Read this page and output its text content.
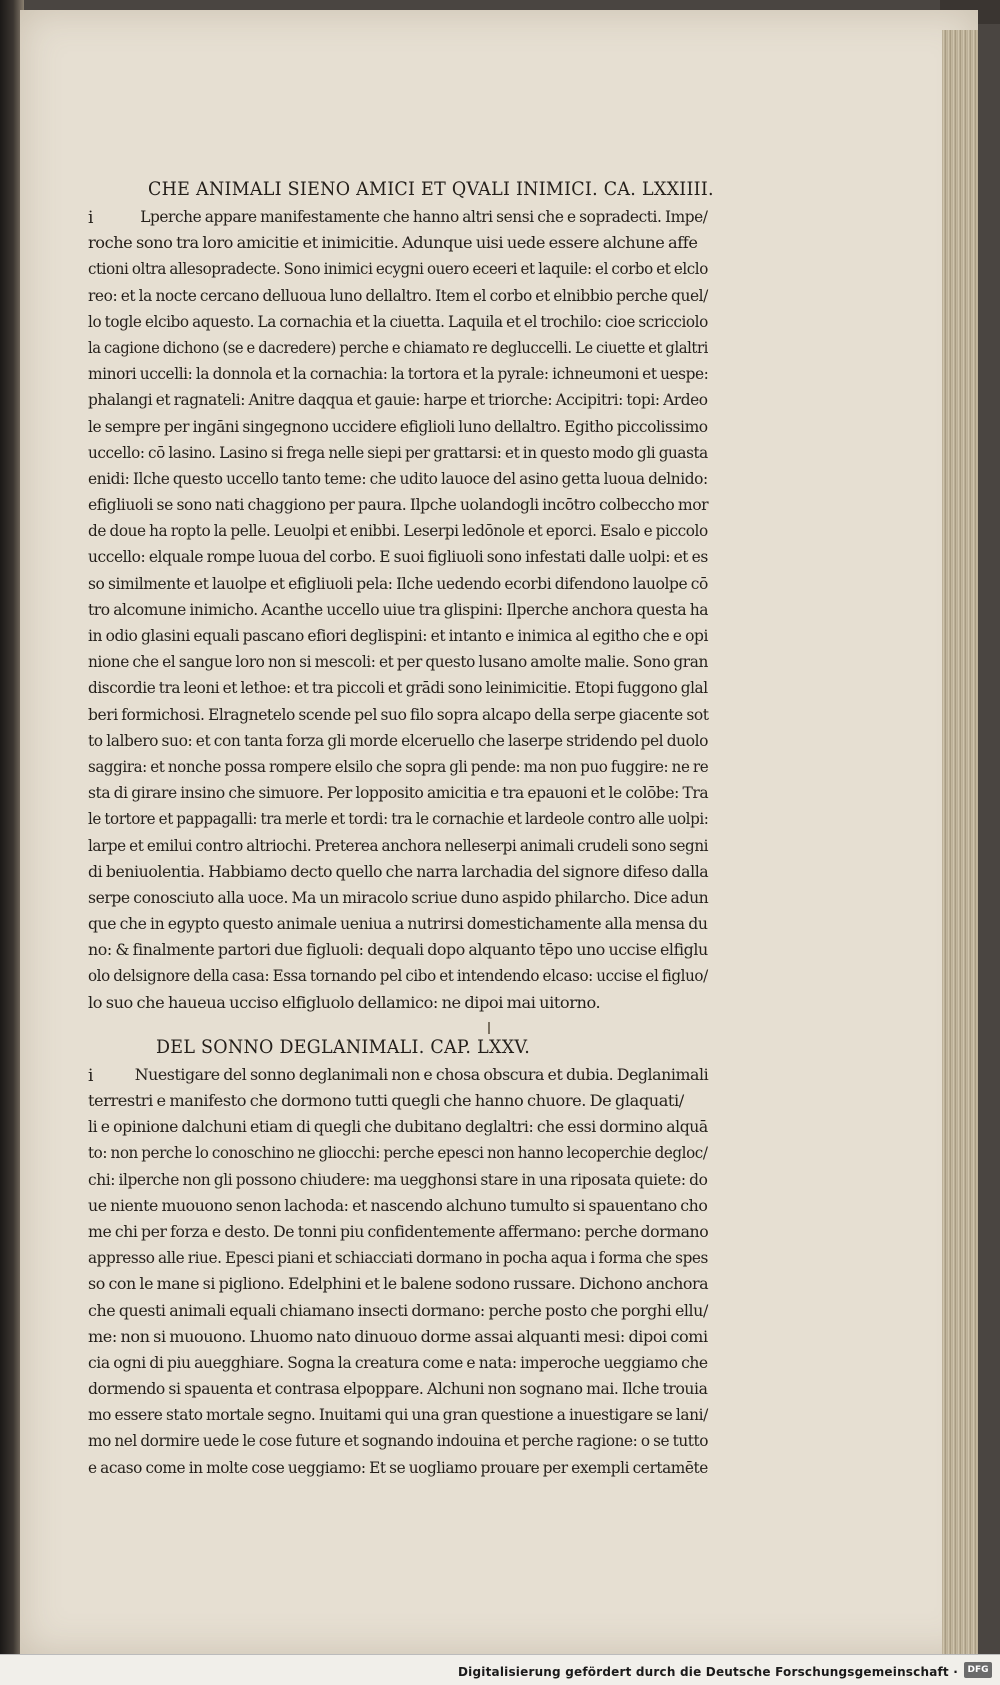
CHE ANIMALI SIENO AMICI ET QVALI INIMICI. CA. LXXIIII.
i	Lperche appare manifestamente che hanno altri sensi che e sopradecti. Impe/
roche sono tra loro amicitie et inimicitie. Adunque uisi uede essere alchune affe
ctioni oltra allesopradecte. Sono inimici ecygni ouero eceeri et laquile: el corbo et elclo
reo: et la nocte cercano delluoua luno dellaltro. Item el corbo et elnibbio perche quel/
lo togle elcibo aquesto. La cornachia et la ciuetta. Laquila et el trochilo: cioe scricciolo
la cagione dichono (se e dacredere) perche e chiamato re degluccelli. Le ciuette et glaltri
minori uccelli: la donnola et la cornachia: la tortora et la pyrale: ichneumoni et uespe:
phalangi et ragnateli: Anitre daqqua et gauie: harpe et triorche: Accipitri: topi: Ardeo
le sempre per ingāni singegnono uccidere efiglioli luno dellaltro. Egitho piccolissimo
uccello: cō lasino. Lasino si frega nelle siepi per grattarsi: et in questo modo gli guasta
enidi: Ilche questo uccello tanto teme: che udito lauoce del asino getta luoua delnido:
efigliuoli se sono nati chaggiono per paura. Ilpche uolandogli incōtro colbeccho mor
de doue ha ropto la pelle. Leuolpi et enibbi. Leserpi ledōnole et eporci. Esalo e piccolo
uccello: elquale rompe luoua del corbo. E suoi figliuoli sono infestati dalle uolpi: et es
so similmente et lauolpe et efigliuoli pela: Ilche uedendo ecorbi difendono lauolpe cō
tro alcomune inimicho. Acanthe uccello uiue tra glispini: Ilperche anchora questa ha
in odio glasini equali pascano efiori deglispini: et intanto e inimica al egitho che e opi
nione che el sangue loro non si mescoli: et per questo lusano amolte malie. Sono gran
discordie tra leoni et lethoe: et tra piccoli et grādi sono leinimicitie. Etopi fuggono glal
beri formichosi. Elragnetelo scende pel suo filo sopra alcapo della serpe giacente sot
to lalbero suo: et con tanta forza gli morde elceruello che laserpe stridendo pel duolo
saggira: et nonche possa rompere elsilo che sopra gli pende: ma non puo fuggire: ne re
sta di girare insino che simuore. Per loppositο amicitia e tra epauoni et le colōbe: Tra
le tortore et pappagalli: tra merle et tordi: tra le cornachie et lardeole contro alle uolpi:
larpe et emilui contro altriochi. Preterea anchora nelleserpi animali crudeli sono segni
di beniuolentia. Habbiamo decto quello che narra larchadia del signore difeso dalla
serpe conosciuto alla uoce. Ma un miracolo scriue duno aspido philarcho. Dice adun
que che in egypto questo animale ueniua a nutrirsi domestichamente alla mensa du
no: & finalmente partori due figluoli: dequali dopo alquanto tēpo uno uccise elfiglu
olo delsignore della casa: Essa tornando pel cibo et intendendo elcaso: uccise el figluo/
lo suo che haueua uccisο elfigluolo dellamico: ne dipoi mai uitorno.
DEL SONNO DEGLANIMALI. CAP. LXXV.
i	Nuestigare del sonno deglanimali non e chosa obscura et dubia. Deglanimali
terrestri e manifesto che dormono tutti quegli che hanno chuore. De glaquati/
li e opinione dalchuni etiam di quegli che dubitano deglaltri: che essi dormino alquā
to: non perche lo conoschino ne gliocchi: perche epesci non hanno lecoperchie degloc/
chi: ilperche non gli possono chiudere: ma uegghonsi stare in una riposata quiete: do
ue niente muouono senon lachoda: et nascendo alchuno tumulto si spauentano cho
me chi per forza e desto. De tonni piu confidentemente affermano: perche dormano
appresso alle riue. Epesci piani et schiacciati dormano in pocha aqua i forma che spes
so con le mane si pigliono. Edelphini et le balene sodono russare. Dichono anchora
che questi animali equali chiamano insecti dormano: perche posto che porghi ellu/
me: non si muouono. Lhuomo nato dinuouo dorme assai alquanti mesi: dipoi comi
cia ogni di piu auegghiare. Sogna la creatura come e nata: imperoche ueggiamo che
dormendo si spauenta et contrasa elpoppare. Alchuni non sognano mai. Ilche trouia
mo essere stato mortale segno. Inuitami qui una gran questione a inuestigare se lani/
mo nel dormire uede le cose future et sognando indouina et perche ragione: o se tutto
e acaso come in molte cose ueggiamo: Et se uogliamo prouare per exempli certamēte
Digitalisierung gefördert durch die Deutsche Forschungsgemeinschaft ·	DFG
